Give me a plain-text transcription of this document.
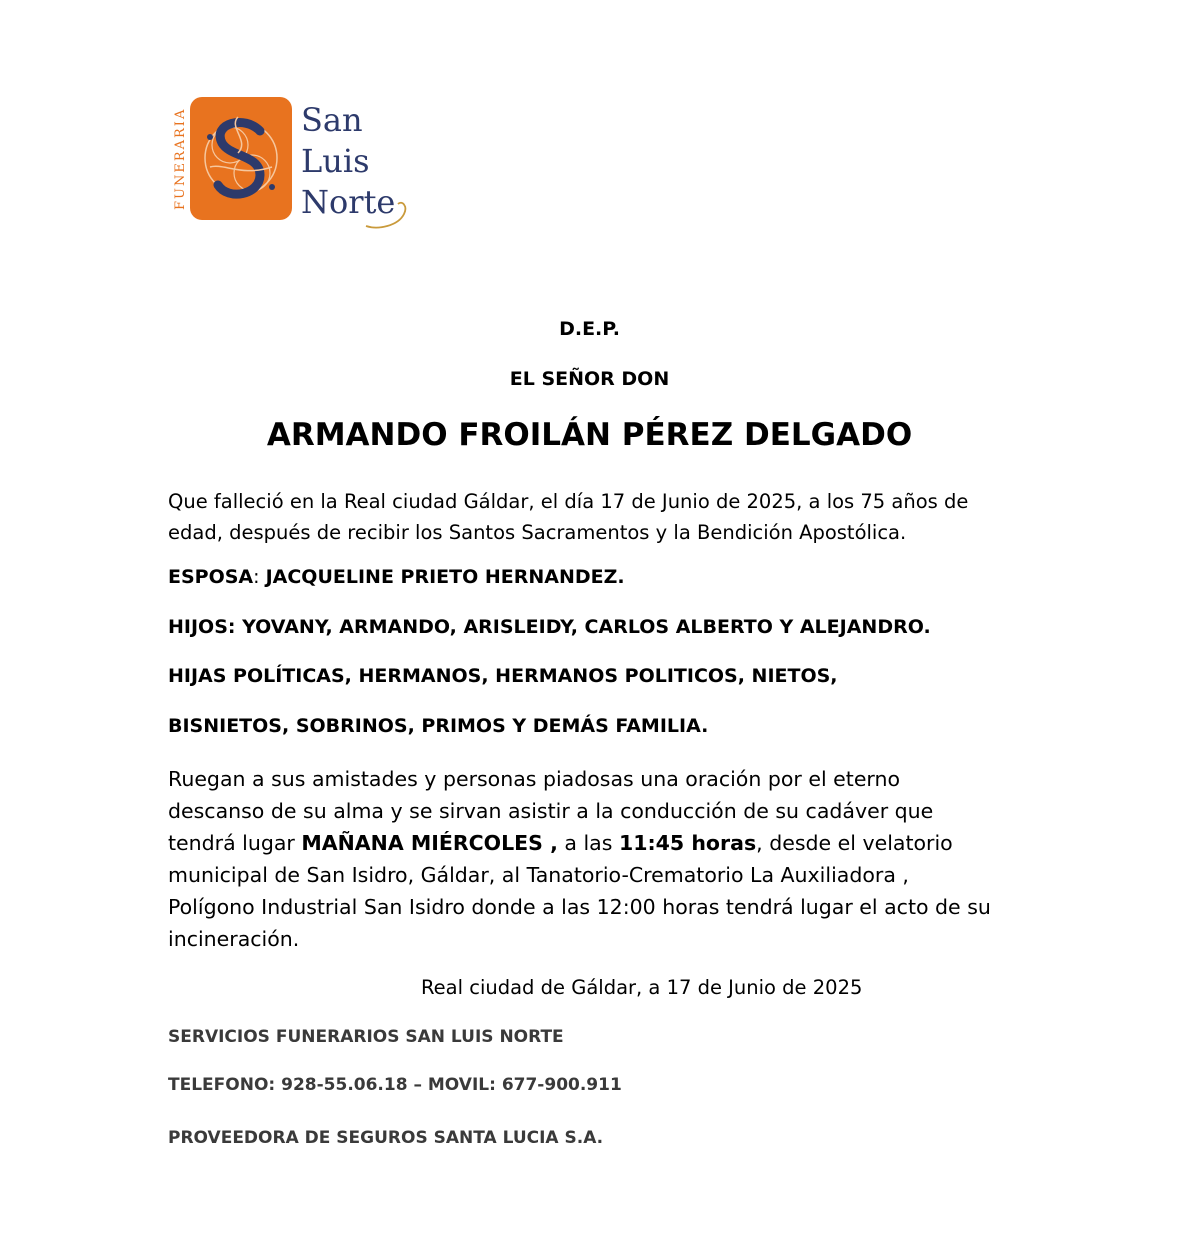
FUNERARIA	San
Luis
Norte
D.E.P.
EL SEÑOR DON
ARMANDO FROILÁN PÉREZ DELGADO
Que falleció en la Real ciudad Gáldar, el día 17 de Junio de 2025, a los 75 años de edad, después de recibir los Santos Sacramentos y la Bendición Apostólica.
ESPOSA: JACQUELINE PRIETO HERNANDEZ.
HIJOS: YOVANY, ARMANDO, ARISLEIDY, CARLOS ALBERTO Y ALEJANDRO.
HIJAS POLÍTICAS, HERMANOS, HERMANOS POLITICOS, NIETOS,
BISNIETOS, SOBRINOS, PRIMOS Y DEMÁS FAMILIA.
Ruegan a sus amistades y personas piadosas una oración por el eterno descanso de su alma y se sirvan asistir a la conducción de su cadáver que tendrá lugar MAÑANA MIÉRCOLES , a las 11:45 horas, desde el velatorio municipal de San Isidro, Gáldar, al Tanatorio-Crematorio La Auxiliadora , Polígono Industrial San Isidro donde a las 12:00 horas tendrá lugar el acto de su incineración.
Real ciudad de Gáldar, a 17 de Junio de 2025
SERVICIOS FUNERARIOS SAN LUIS NORTE
TELEFONO: 928-55.06.18 – MOVIL: 677-900.911
PROVEEDORA DE SEGUROS SANTA LUCIA S.A.
